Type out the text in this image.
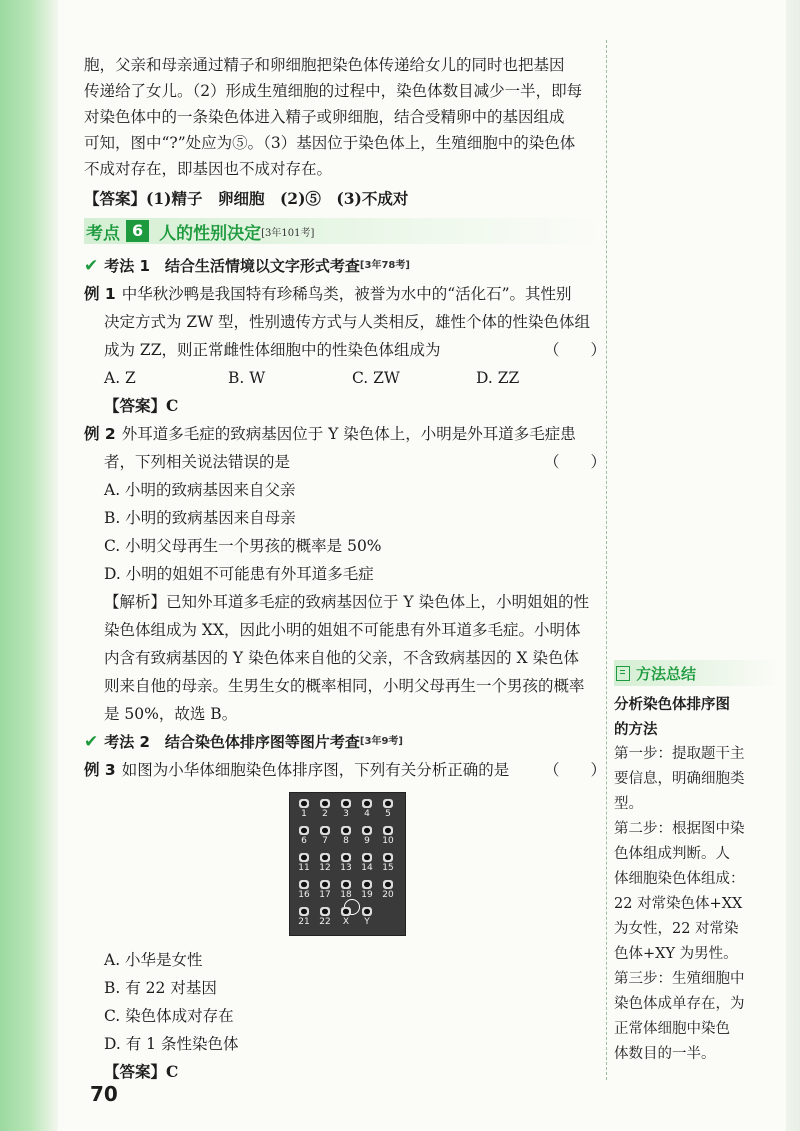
胞，父亲和母亲通过精子和卵细胞把染色体传递给女儿的同时也把基因
传递给了女儿。（2）形成生殖细胞的过程中，染色体数目减少一半，即每
对染色体中的一条染色体进入精子或卵细胞，结合受精卵中的基因组成
可知，图中“?”处应为⑤。（3）基因位于染色体上，生殖细胞中的染色体
不成对存在，即基因也不成对存在。
【答案】(1)精子　卵细胞　(2)⑤　(3)不成对
考点 6 人的性别决定 [3年101考]
✔ 考法 1　结合生活情境以文字形式考查 [3年78考]
例 1 中华秋沙鸭是我国特有珍稀鸟类，被誉为水中的“活化石”。其性别
决定方式为 ZW 型，性别遗传方式与人类相反，雄性个体的性染色体组
成为 ZZ，则正常雌性体细胞中的性染色体组成为	（　　）
A. Z	B. W	C. ZW	D. ZZ
【答案】C
例 2 外耳道多毛症的致病基因位于 Y 染色体上，小明是外耳道多毛症患
者，下列相关说法错误的是	（　　）
A. 小明的致病基因来自父亲
B. 小明的致病基因来自母亲
C. 小明父母再生一个男孩的概率是 50%
D. 小明的姐姐不可能患有外耳道多毛症
【解析】已知外耳道多毛症的致病基因位于 Y 染色体上，小明姐姐的性
染色体组成为 XX，因此小明的姐姐不可能患有外耳道多毛症。小明体
内含有致病基因的 Y 染色体来自他的父亲，不含致病基因的 X 染色体
则来自他的母亲。生男生女的概率相同，小明父母再生一个男孩的概率
是 50%，故选 B。
✔ 考法 2　结合染色体排序图等图片考查 [3年9考]
例 3 如图为小华体细胞染色体排序图，下列有关分析正确的是 （　　）
1	2	3	4	5
6	7	8	9	10
11 12 13 14 15
16 17 18 19 20
21 22	X	Y
A. 小华是女性
B. 有 22 对基因
C. 染色体成对存在
D. 有 1 条性染色体
【答案】C
方法总结
分析染色体排序图
的方法

第一步：提取题干主

要信息，明确细胞类

型。

第二步：根据图中染

色体组成判断。人

体细胞染色体组成：

22 对常染色体+XX

为女性，22 对常染

色体+XY 为男性。

第三步：生殖细胞中

染色体成单存在，为

正常体细胞中染色

体数目的一半。

70
